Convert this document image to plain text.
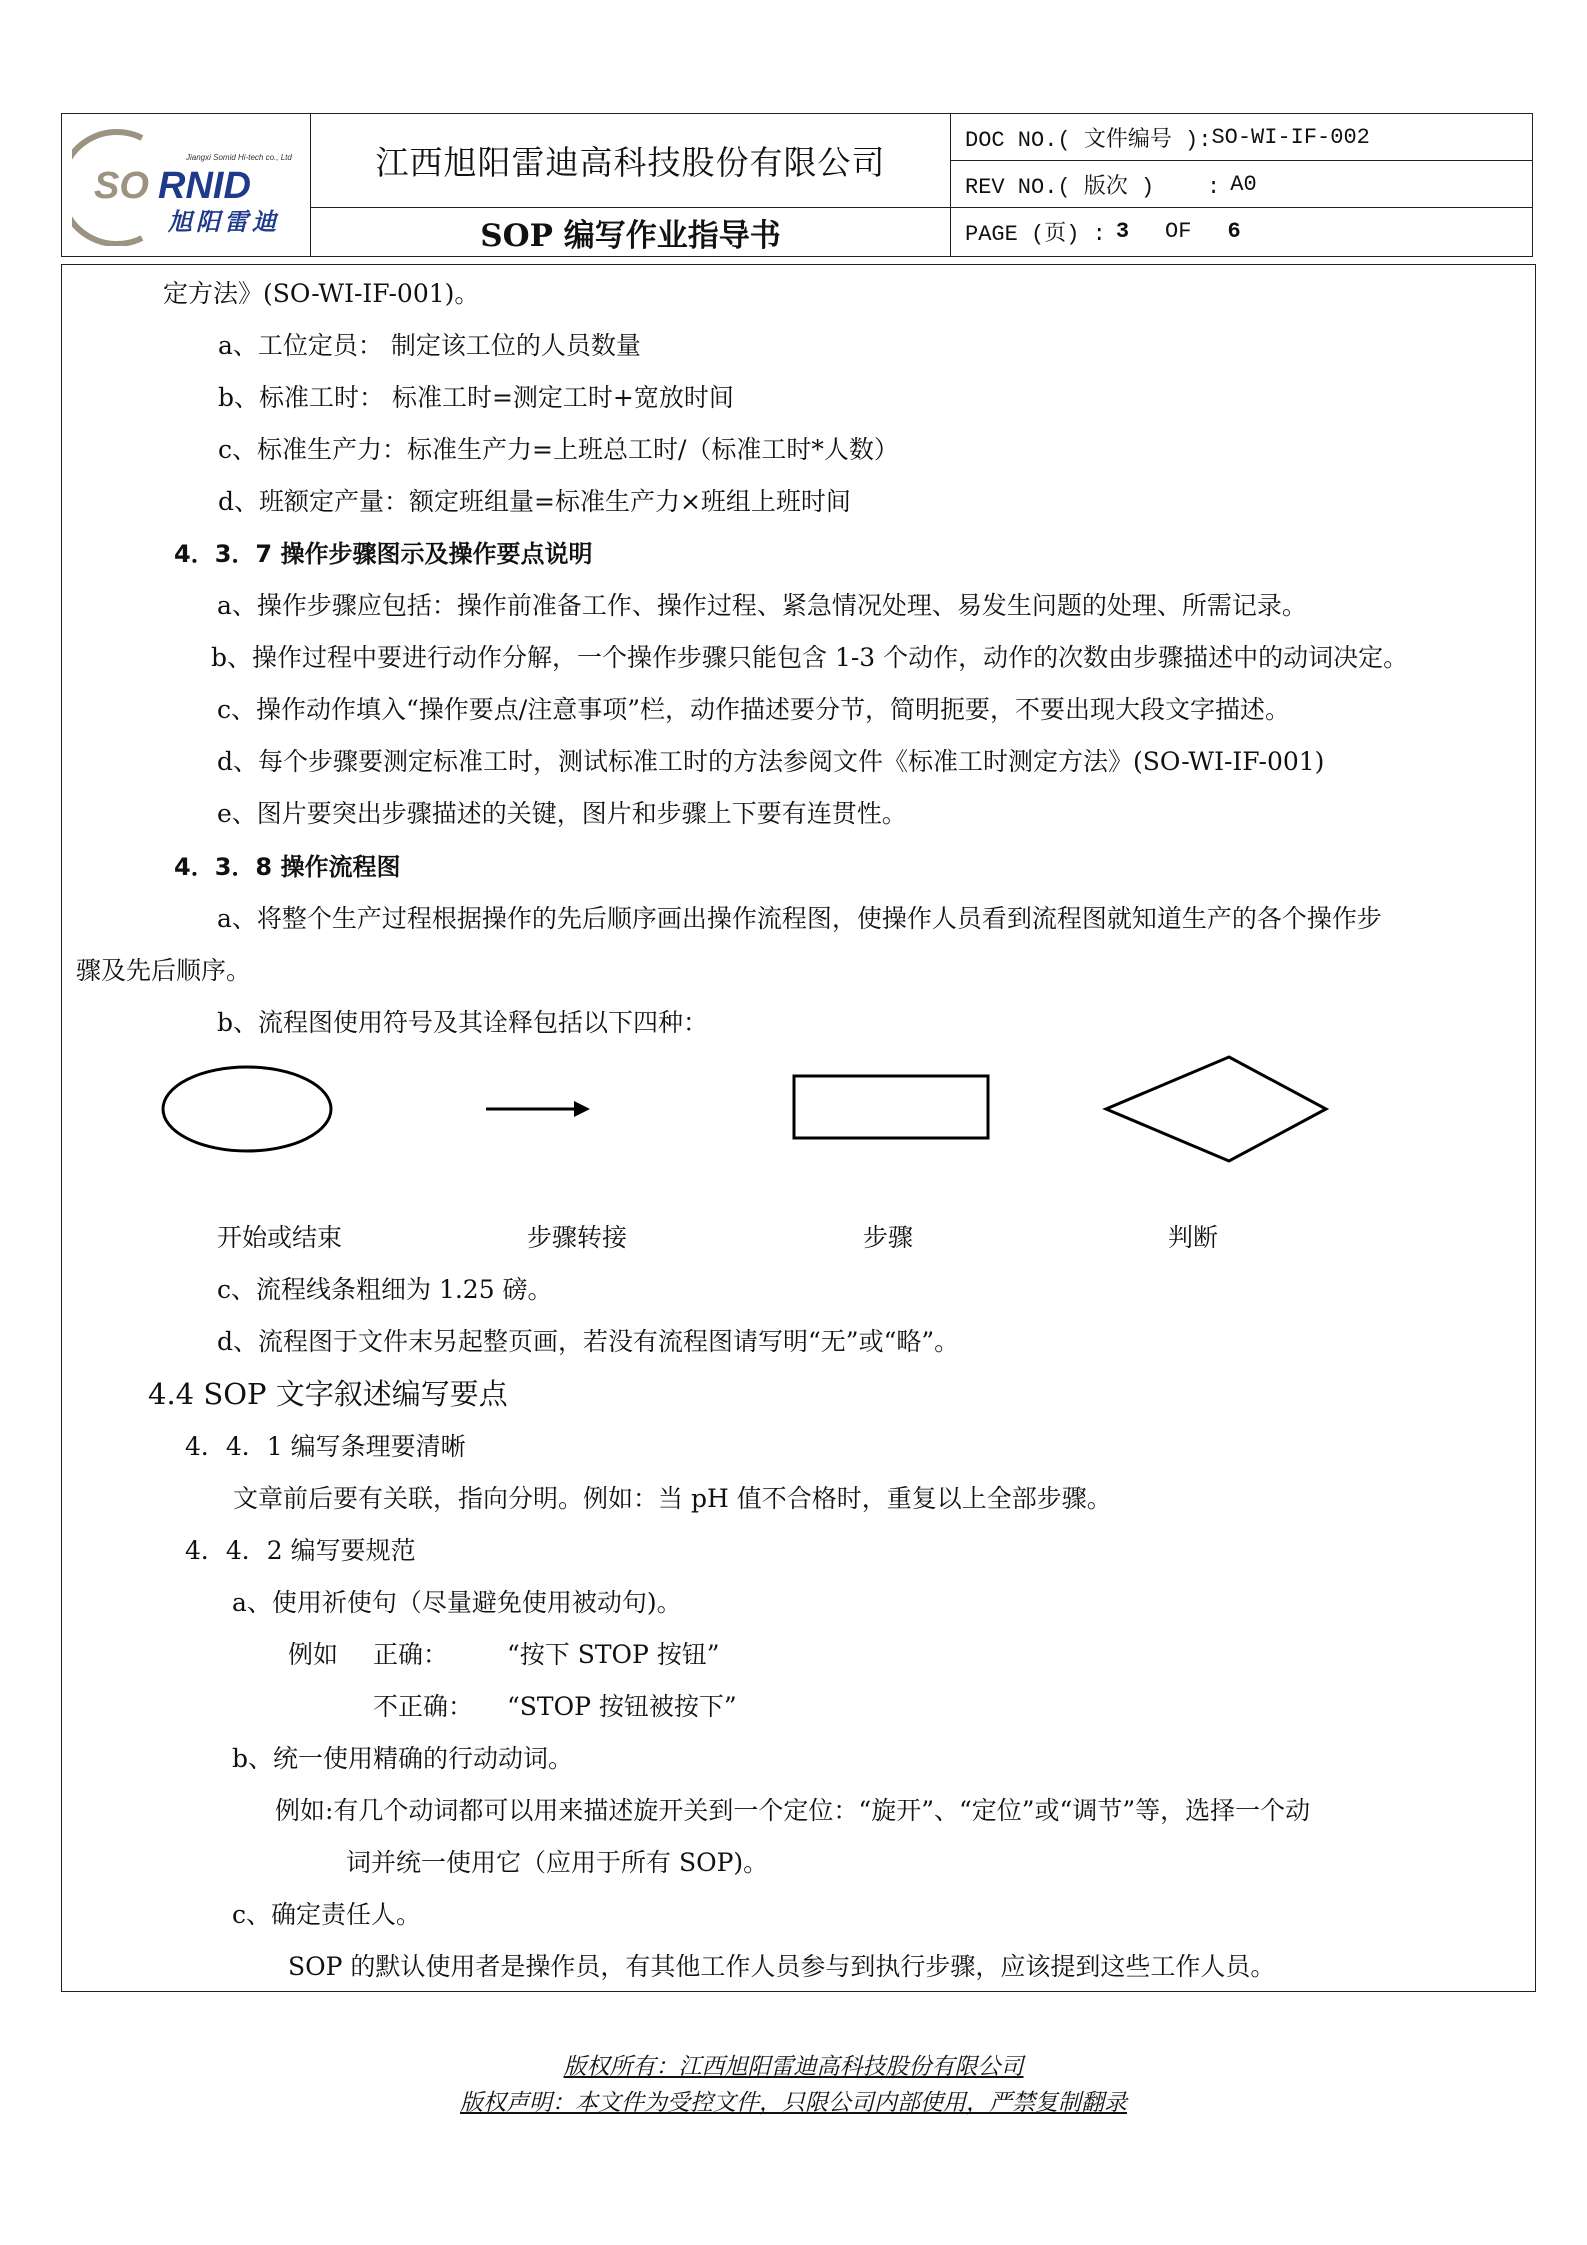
Jiangxi Somid Hi-tech co., Ltd
SO RNID
旭阳雷迪
江西旭阳雷迪高科技股份有限公司
SOP 编写作业指导书
DOC NO.( 文件编号 ): SO-WI-IF-002
REV NO.( 版次 )    : A0
PAGE (页) : 3 OF 6
定方法》(SO-WI-IF-001)。
a、工位定员： 制定该工位的人员数量
b、标准工时： 标准工时=测定工时+宽放时间
c、标准生产力：标准生产力=上班总工时/（标准工时*人数）
d、班额定产量：额定班组量=标准生产力×班组上班时间
4．3．7 操作步骤图示及操作要点说明
a、操作步骤应包括：操作前准备工作、操作过程、紧急情况处理、易发生问题的处理、所需记录。
b、操作过程中要进行动作分解，一个操作步骤只能包含 1-3 个动作，动作的次数由步骤描述中的动词决定。
c、操作动作填入“操作要点/注意事项”栏，动作描述要分节，简明扼要，不要出现大段文字描述。
d、每个步骤要测定标准工时，测试标准工时的方法参阅文件《标准工时测定方法》(SO-WI-IF-001)
e、图片要突出步骤描述的关键，图片和步骤上下要有连贯性。
4．3．8 操作流程图
a、将整个生产过程根据操作的先后顺序画出操作流程图，使操作人员看到流程图就知道生产的各个操作步
骤及先后顺序。
b、流程图使用符号及其诠释包括以下四种：
开始或结束	步骤转接	步骤	判断
c、流程线条粗细为 1.25 磅。
d、流程图于文件末另起整页画，若没有流程图请写明“无”或“略”。
4.4 SOP 文字叙述编写要点
4．4．1 编写条理要清晰
文章前后要有关联，指向分明。例如：当 pH 值不合格时，重复以上全部步骤。
4．4．2 编写要规范
a、使用祈使句（尽量避免使用被动句)。
例如 正确： “按下 STOP 按钮”
不正确： “STOP 按钮被按下”
b、统一使用精确的行动动词。
例如:有几个动词都可以用来描述旋开关到一个定位：“旋开”、“定位”或“调节”等，选择一个动
词并统一使用它（应用于所有 SOP)。
c、确定责任人。
SOP 的默认使用者是操作员，有其他工作人员参与到执行步骤，应该提到这些工作人员。
版权所有：江西旭阳雷迪高科技股份有限公司
版权声明：本文件为受控文件，只限公司内部使用，严禁复制翻录
